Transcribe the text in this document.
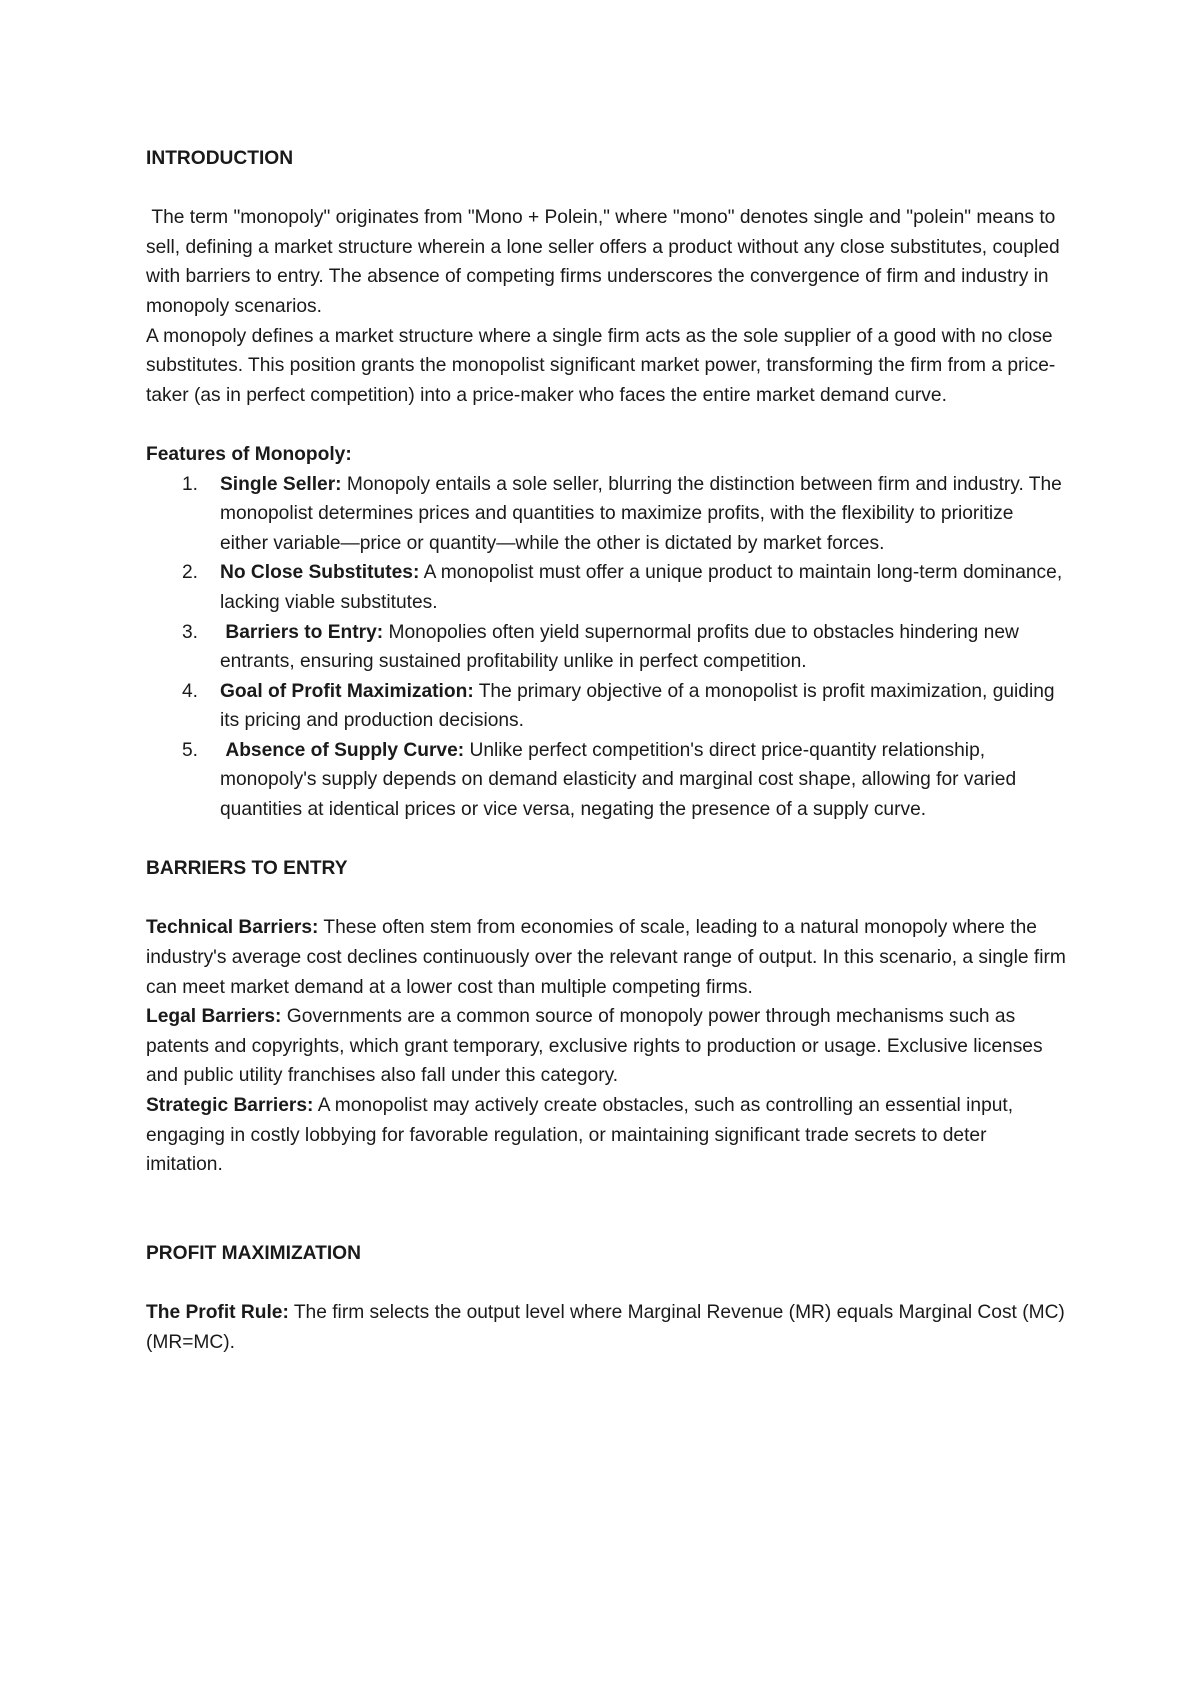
INTRODUCTION

The term "monopoly" originates from "Mono + Polein," where "mono" denotes single and "polein" means to sell, defining a market structure wherein a lone seller offers a product without any close substitutes, coupled with barriers to entry. The absence of competing firms underscores the convergence of firm and industry in monopoly scenarios.

A monopoly defines a market structure where a single firm acts as the sole supplier of a good with no close substitutes. This position grants the monopolist significant market power, transforming the firm from a price-taker (as in perfect competition) into a price-maker who faces the entire market demand curve.

Features of Monopoly:

1. Single Seller: Monopoly entails a sole seller, blurring the distinction between firm and industry. The monopolist determines prices and quantities to maximize profits, with the flexibility to prioritize either variable—price or quantity—while the other is dictated by market forces.
2. No Close Substitutes: A monopolist must offer a unique product to maintain long-term dominance, lacking viable substitutes.
3. Barriers to Entry: Monopolies often yield supernormal profits due to obstacles hindering new entrants, ensuring sustained profitability unlike in perfect competition.
4. Goal of Profit Maximization: The primary objective of a monopolist is profit maximization, guiding its pricing and production decisions.
5. Absence of Supply Curve: Unlike perfect competition's direct price-quantity relationship, monopoly's supply depends on demand elasticity and marginal cost shape, allowing for varied quantities at identical prices or vice versa, negating the presence of a supply curve.
BARRIERS TO ENTRY

Technical Barriers: These often stem from economies of scale, leading to a natural monopoly where the industry's average cost declines continuously over the relevant range of output. In this scenario, a single firm can meet market demand at a lower cost than multiple competing firms.

Legal Barriers: Governments are a common source of monopoly power through mechanisms such as patents and copyrights, which grant temporary, exclusive rights to production or usage. Exclusive licenses and public utility franchises also fall under this category.

Strategic Barriers: A monopolist may actively create obstacles, such as controlling an essential input, engaging in costly lobbying for favorable regulation, or maintaining significant trade secrets to deter imitation.

PROFIT MAXIMIZATION

The Profit Rule: The firm selects the output level where Marginal Revenue (MR) equals Marginal Cost (MC) (MR=MC).
